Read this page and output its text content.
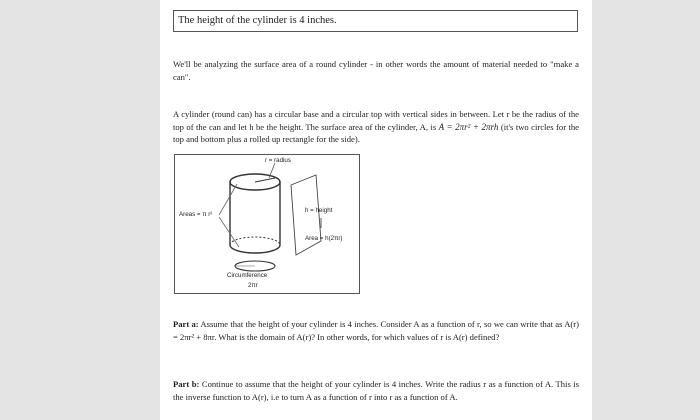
The height of the cylinder is 4 inches.
We'll be analyzing the surface area of a round cylinder - in other words the amount of material needed to "make a can".
A cylinder (round can) has a circular base and a circular top with vertical sides in between. Let r be the radius of the top of the can and let h be the height. The surface area of the cylinder, A, is A = 2πr² + 2πrh (it's two circles for the top and bottom plus a rolled up rectangle for the side).
r = radius
Areas = π r²
h = height
Area = h(2πr)
Circumference
2πr
Part a: Assume that the height of your cylinder is 4 inches. Consider A as a function of r, so we can write that as A(r) = 2πr² + 8πr. What is the domain of A(r)? In other words, for which values of r is A(r) defined?
Part b: Continue to assume that the height of your cylinder is 4 inches. Write the radius r as a function of A. This is the inverse function to A(r), i.e to turn A as a function of r into r as a function of A.
